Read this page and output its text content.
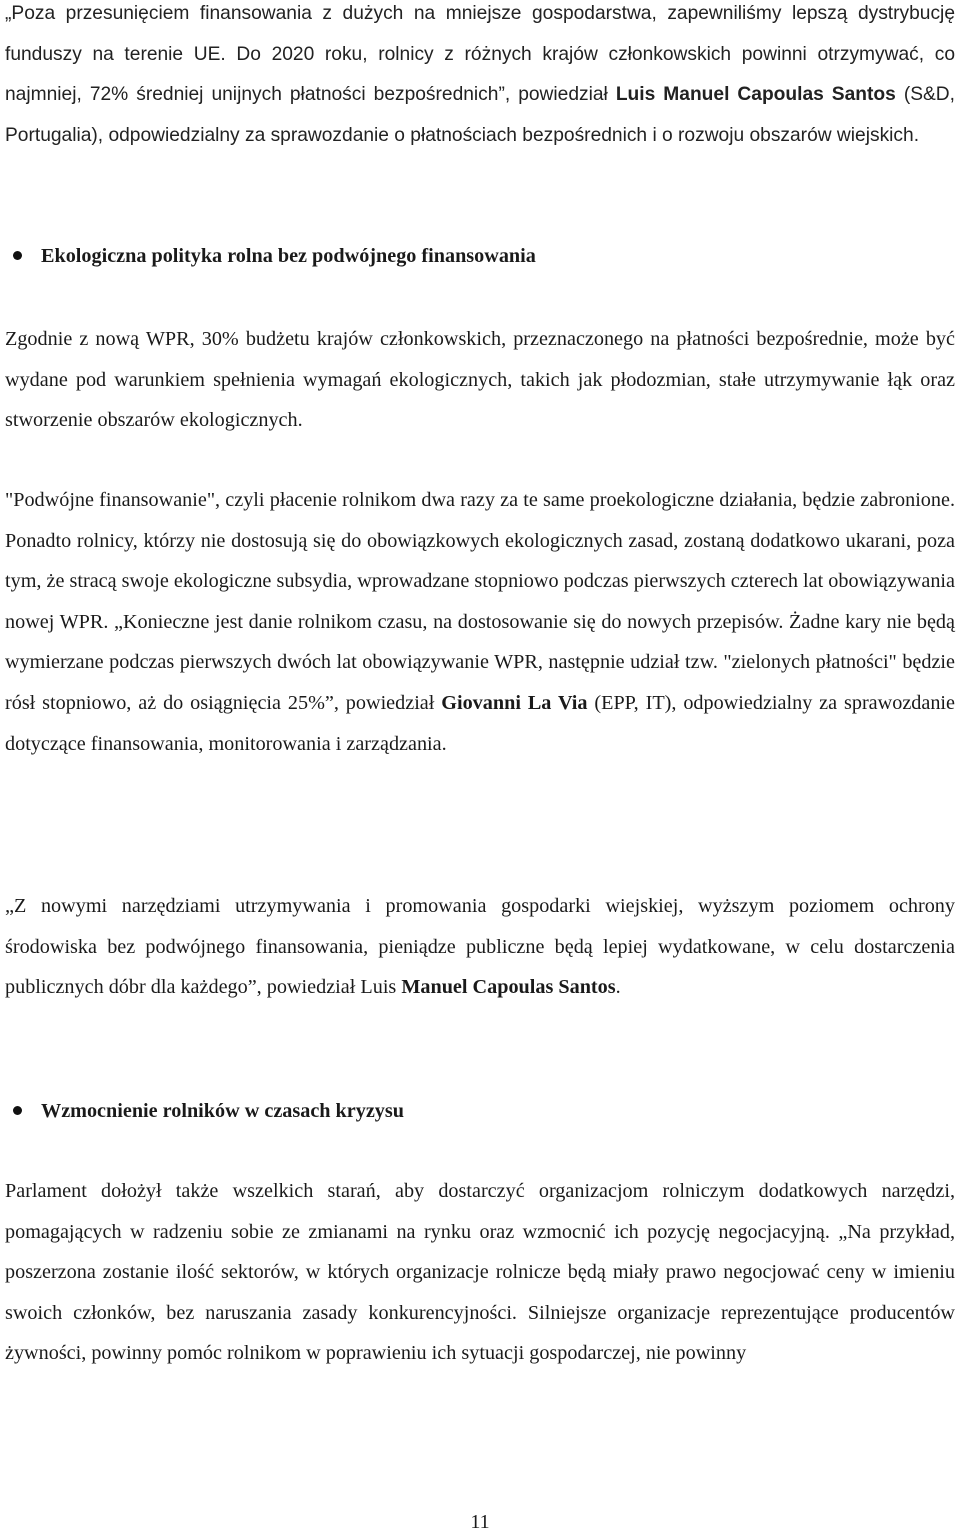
„Poza przesunięciem finansowania z dużych na mniejsze gospodarstwa, zapewniliśmy lepszą dystrybucję funduszy na terenie UE. Do 2020 roku, rolnicy z różnych krajów członkowskich powinni otrzymywać, co najmniej, 72% średniej unijnych płatności bezpośrednich”, powiedział Luis Manuel Capoulas Santos (S&D, Portugalia), odpowiedzialny za sprawozdanie o płatnościach bezpośrednich i o rozwoju obszarów wiejskich.

Ekologiczna polityka rolna bez podwójnego finansowania

Zgodnie z nową WPR, 30% budżetu krajów członkowskich, przeznaczonego na płatności bezpośrednie, może być wydane pod warunkiem spełnienia wymagań ekologicznych, takich jak płodozmian, stałe utrzymywanie łąk oraz stworzenie obszarów ekologicznych.

"Podwójne finansowanie", czyli płacenie rolnikom dwa razy za te same proekologiczne działania, będzie zabronione. Ponadto rolnicy, którzy nie dostosują się do obowiązkowych ekologicznych zasad, zostaną dodatkowo ukarani, poza tym, że stracą swoje ekologiczne subsydia, wprowadzane stopniowo podczas pierwszych czterech lat obowiązywania nowej WPR. „Konieczne jest danie rolnikom czasu, na dostosowanie się do nowych przepisów. Żadne kary nie będą wymierzane podczas pierwszych dwóch lat obowiązywanie WPR, następnie udział tzw. "zielonych płatności" będzie rósł stopniowo, aż do osiągnięcia 25%”, powiedział Giovanni La Via (EPP, IT), odpowiedzialny za sprawozdanie dotyczące finansowania, monitorowania i zarządzania.

„Z nowymi narzędziami utrzymywania i promowania gospodarki wiejskiej, wyższym poziomem ochrony środowiska bez podwójnego finansowania, pieniądze publiczne będą lepiej wydatkowane, w celu dostarczenia publicznych dóbr dla każdego”, powiedział Luis Manuel Capoulas Santos.

Wzmocnienie rolników w czasach kryzysu

Parlament dołożył także wszelkich starań, aby dostarczyć organizacjom rolniczym dodatkowych narzędzi, pomagających w radzeniu sobie ze zmianami na rynku oraz wzmocnić ich pozycję negocjacyjną. „Na przykład, poszerzona zostanie ilość sektorów, w których organizacje rolnicze będą miały prawo negocjować ceny w imieniu swoich członków, bez naruszania zasady konkurencyjności. Silniejsze organizacje reprezentujące producentów żywności, powinny pomóc rolnikom w poprawieniu ich sytuacji gospodarczej, nie powinny

11
